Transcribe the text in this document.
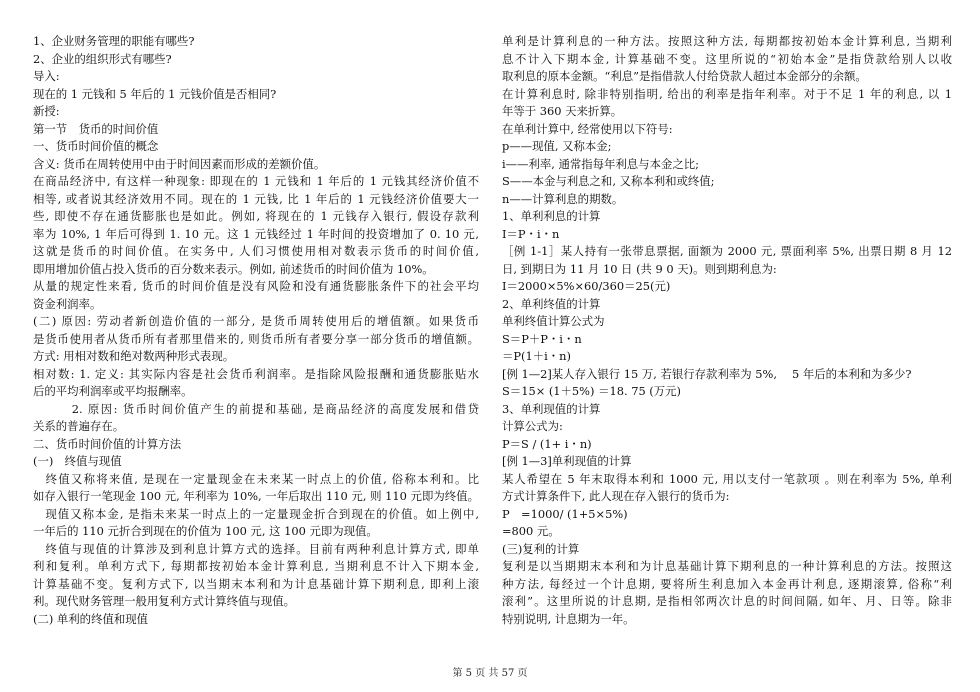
1、企业财务管理的职能有哪些?
2、企业的组织形式有哪些?
导入:
现在的 1 元钱和 5 年后的 1 元钱价值是否相同?
新授:
第一节　货币的时间价值
一、货币时间价值的概念
含义: 货币在周转使用中由于时间因素而形成的差额价值。
在商品经济中, 有这样一种现象: 即现在的 1 元钱和 1 年后的 1 元钱其经济价值不
相等, 或者说其经济效用不同。现在的 1 元钱, 比 1 年后的 1 元钱经济价值要大一
些, 即使不存在通货膨胀也是如此。例如, 将现在的 1 元钱存入银行, 假设存款利
率为 10%, 1 年后可得到 1. 10 元。这 1 元钱经过 1 年时间的投资增加了 0. 10 元,
这就是货币的时间价值。在实务中, 人们习惯使用相对数表示货币的时间价值,
即用增加价值占投入货币的百分数来表示。例如, 前述货币的时间价值为 10%。
从量的规定性来看, 货币的时间价值是没有风险和没有通货膨胀条件下的社会平均
资金利润率。
(二) 原因: 劳动者新创造价值的一部分, 是货币周转使用后的增值额。如果货币
是货币使用者从货币所有者那里借来的, 则货币所有者要分享一部分货币的增值额。
方式: 用相对数和绝对数两种形式表现。
相对数: 1. 定义: 其实际内容是社会货币利润率。是指除风险报酬和通货膨胀贴水
后的平均利润率或平均报酬率。
　　　2. 原因: 货币时间价值产生的前提和基础, 是商品经济的高度发展和借贷
关系的普遍存在。
二、货币时间价值的计算方法
(一)　终值与现值
　终值又称将来值, 是现在一定量现金在未来某一时点上的价值, 俗称本利和。比
如存入银行一笔现金 100 元, 年利率为 10%, 一年后取出 110 元, 则 110 元即为终值。
　现值又称本金, 是指未来某一时点上的一定量现金折合到现在的价值。如上例中,
一年后的 110 元折合到现在的价值为 100 元, 这 100 元即为现值。
　终值与现值的计算涉及到利息计算方式的选择。目前有两种利息计算方式, 即单
利和复利。单利方式下, 每期都按初始本金计算利息, 当期利息不计入下期本金,
计算基础不变。复利方式下, 以当期末本利和为计息基础计算下期利息, 即利上滚
利。现代财务管理一般用复利方式计算终值与现值。
(二) 单利的终值和现值
单利是计算利息的一种方法。按照这种方法, 每期都按初始本金计算利息, 当期利
息不计入下期本金, 计算基础不变。这里所说的“初始本金”是指贷款给别人以收
取利息的原本金额。“利息”是指借款人付给贷款人超过本金部分的余额。
在计算利息时, 除非特别指明, 给出的利率是指年利率。对于不足 1 年的利息, 以 1
年等于 360 天来折算。
在单利计算中, 经常使用以下符号:
p——现值, 又称本金;
i——利率, 通常指每年利息与本金之比;
S——本金与利息之和, 又称本利和或终值;
n——计算利息的期数。
1、单利利息的计算
I＝P・i・n
［例 1-1］某人持有一张带息票据, 面额为 2000 元, 票面利率 5%, 出票日期 8 月 12
日, 到期日为 11 月 10 日 (共 9 0 天)。则到期利息为:
I＝2000×5%×60/360＝25(元)
2、单利终值的计算
单利终值计算公式为
S＝P＋P・i・n
＝P(1＋i・n)
[例 1—2]某人存入银行 15 万, 若银行存款利率为 5%, 　5 年后的本利和为多少?
S＝15× (1＋5%) ＝18. 75 (万元)
3、单利现值的计算
计算公式为:
P＝S / (1+ i・n)
[例 1—3]单利现值的计算
某人希望在 5 年末取得本利和 1000 元, 用以支付一笔款项 。则在利率为 5%, 单利
方式计算条件下, 此人现在存入银行的货币为:
P　=1000/ (1+5×5%)
=800 元。
(三)复利的计算
复利是以当期期末本利和为计息基础计算下期利息的一种计算利息的方法。按照这
种方法, 每经过一个计息期, 要将所生利息加入本金再计利息, 逐期滚算, 俗称“利
滚利”。这里所说的计息期, 是指相邻两次计息的时间间隔, 如年、月、日等。除非
特别说明, 计息期为一年。
第 5 页 共 57 页
